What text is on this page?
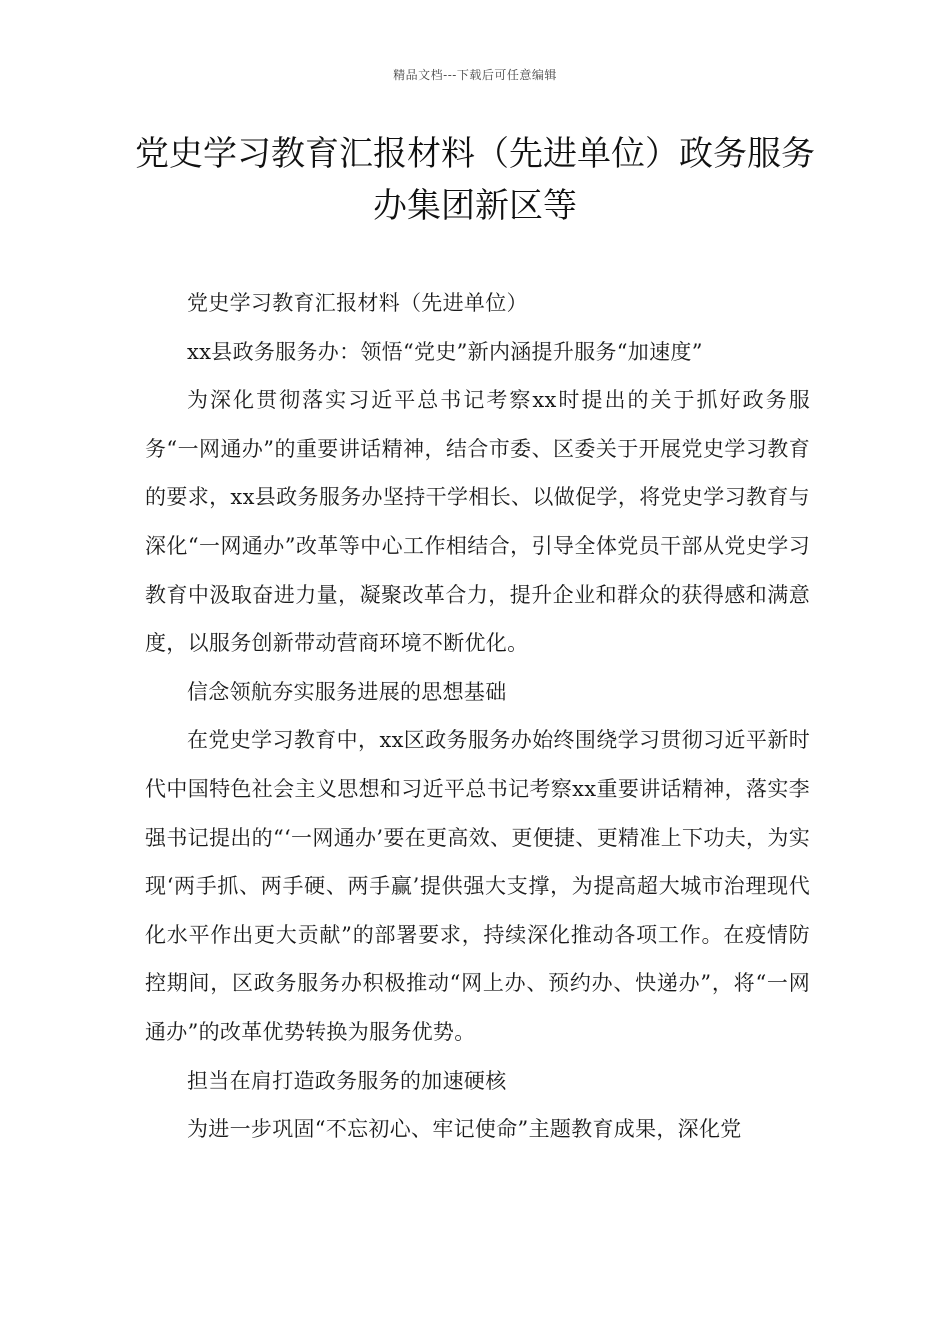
精品文档---下载后可任意编辑
党史学习教育汇报材料（先进单位）政务服务办集团新区等

党史学习教育汇报材料（先进单位）

xx县政务服务办：领悟“党史”新内涵提升服务“加速度”

为深化贯彻落实习近平总书记考察xx时提出的关于抓好政务服务“一网通办”的重要讲话精神，结合市委、区委关于开展党史学习教育的要求，xx县政务服务办坚持干学相长、以做促学，将党史学习教育与深化“一网通办”改革等中心工作相结合，引导全体党员干部从党史学习教育中汲取奋进力量，凝聚改革合力，提升企业和群众的获得感和满意度，以服务创新带动营商环境不断优化。

信念领航夯实服务进展的思想基础

在党史学习教育中，xx区政务服务办始终围绕学习贯彻习近平新时代中国特色社会主义思想和习近平总书记考察xx重要讲话精神，落实李强书记提出的“‘一网通办’要在更高效、更便捷、更精准上下功夫，为实现‘两手抓、两手硬、两手赢’提供强大支撑，为提高超大城市治理现代化水平作出更大贡献”的部署要求，持续深化推动各项工作。在疫情防控期间，区政务服务办积极推动“网上办、预约办、快递办”，将“一网通办”的改革优势转换为服务优势。

担当在肩打造政务服务的加速硬核

为进一步巩固“不忘初心、牢记使命”主题教育成果，深化党
